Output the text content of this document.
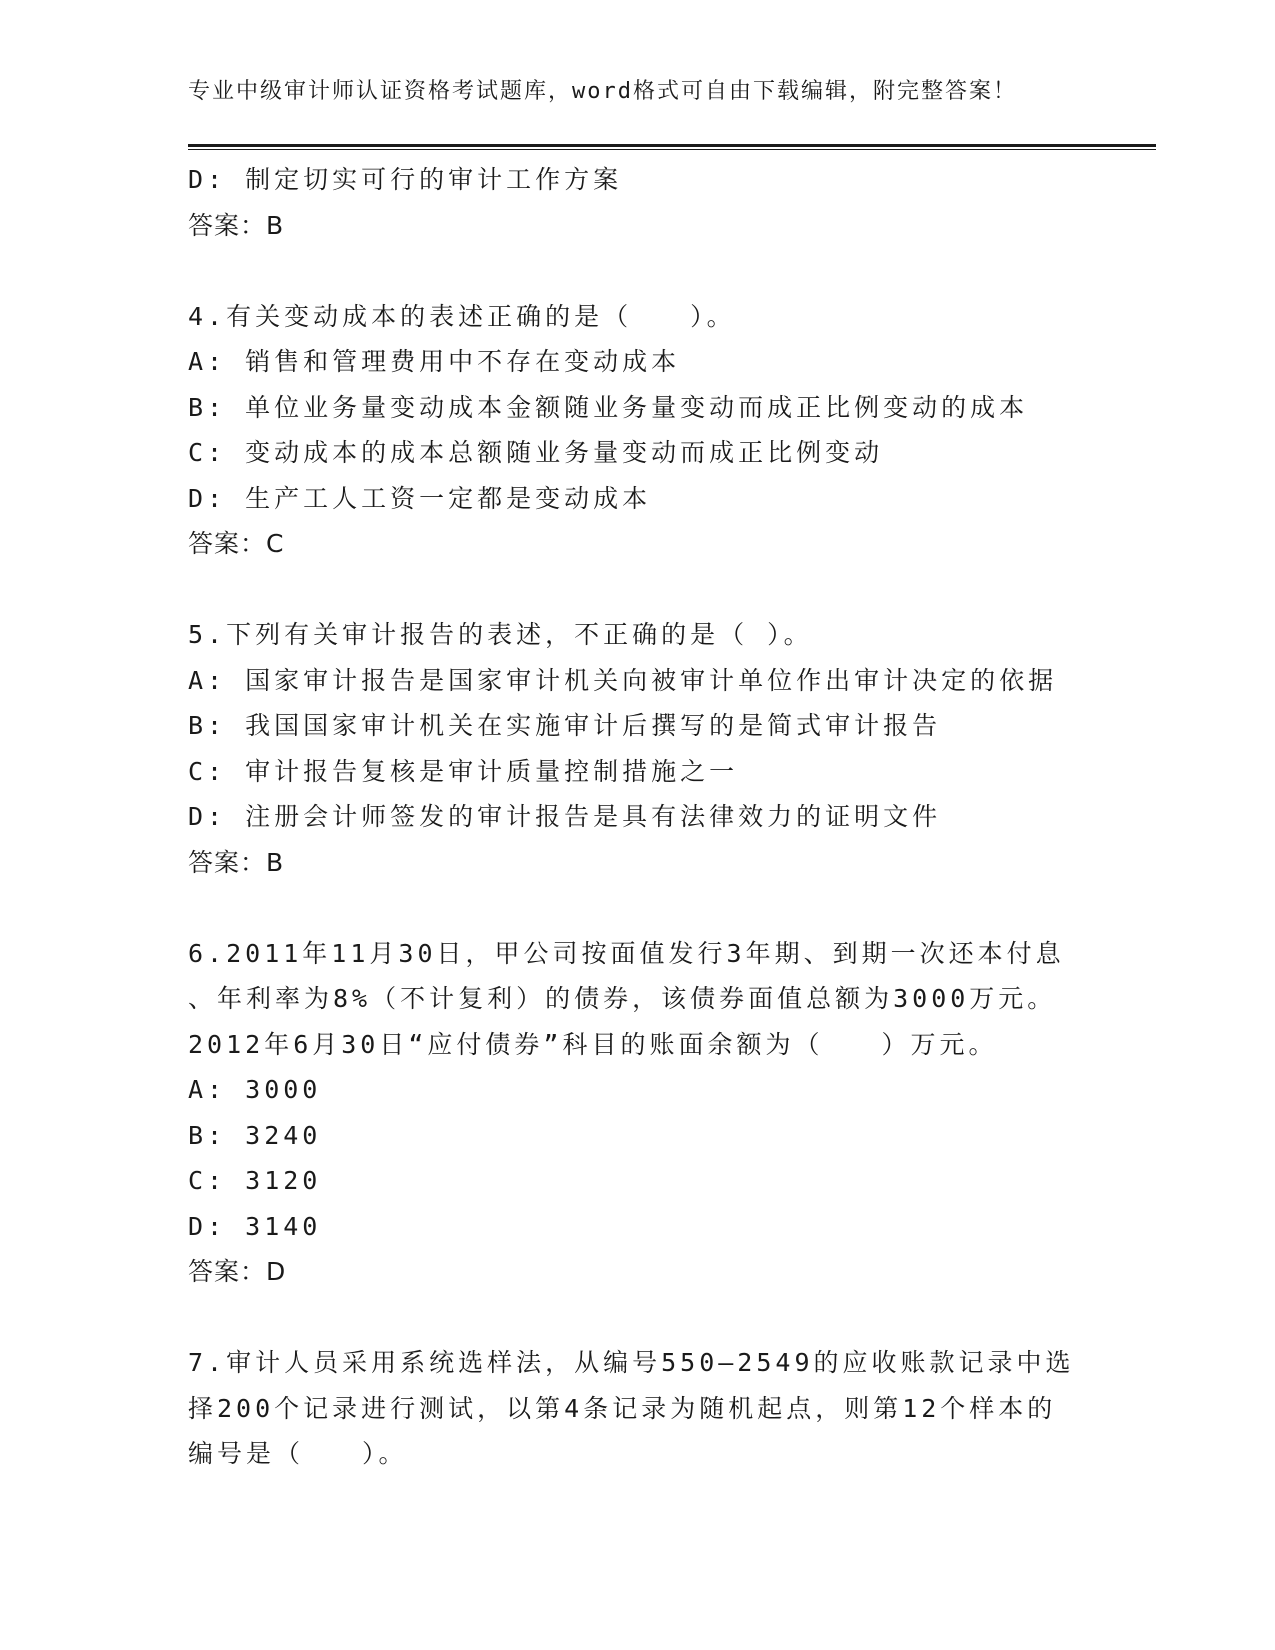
专业中级审计师认证资格考试题库，word格式可自由下载编辑，附完整答案！
D: 制定切实可行的审计工作方案
答案：B
4.有关变动成本的表述正确的是（　　）。
A: 销售和管理费用中不存在变动成本
B: 单位业务量变动成本金额随业务量变动而成正比例变动的成本
C: 变动成本的成本总额随业务量变动而成正比例变动
D: 生产工人工资一定都是变动成本
答案：C
5.下列有关审计报告的表述，不正确的是（ ）。
A: 国家审计报告是国家审计机关向被审计单位作出审计决定的依据
B: 我国国家审计机关在实施审计后撰写的是简式审计报告
C: 审计报告复核是审计质量控制措施之一
D: 注册会计师签发的审计报告是具有法律效力的证明文件
答案：B
6.2011年11月30日，甲公司按面值发行3年期、到期一次还本付息
、年利率为8%（不计复利）的债券，该债券面值总额为3000万元。
2012年6月30日“应付债券”科目的账面余额为（　　）万元。
A: 3000
B: 3240
C: 3120
D: 3140
答案：D
7.审计人员采用系统选样法，从编号550—2549的应收账款记录中选
择200个记录进行测试，以第4条记录为随机起点，则第12个样本的
编号是（　　）。
